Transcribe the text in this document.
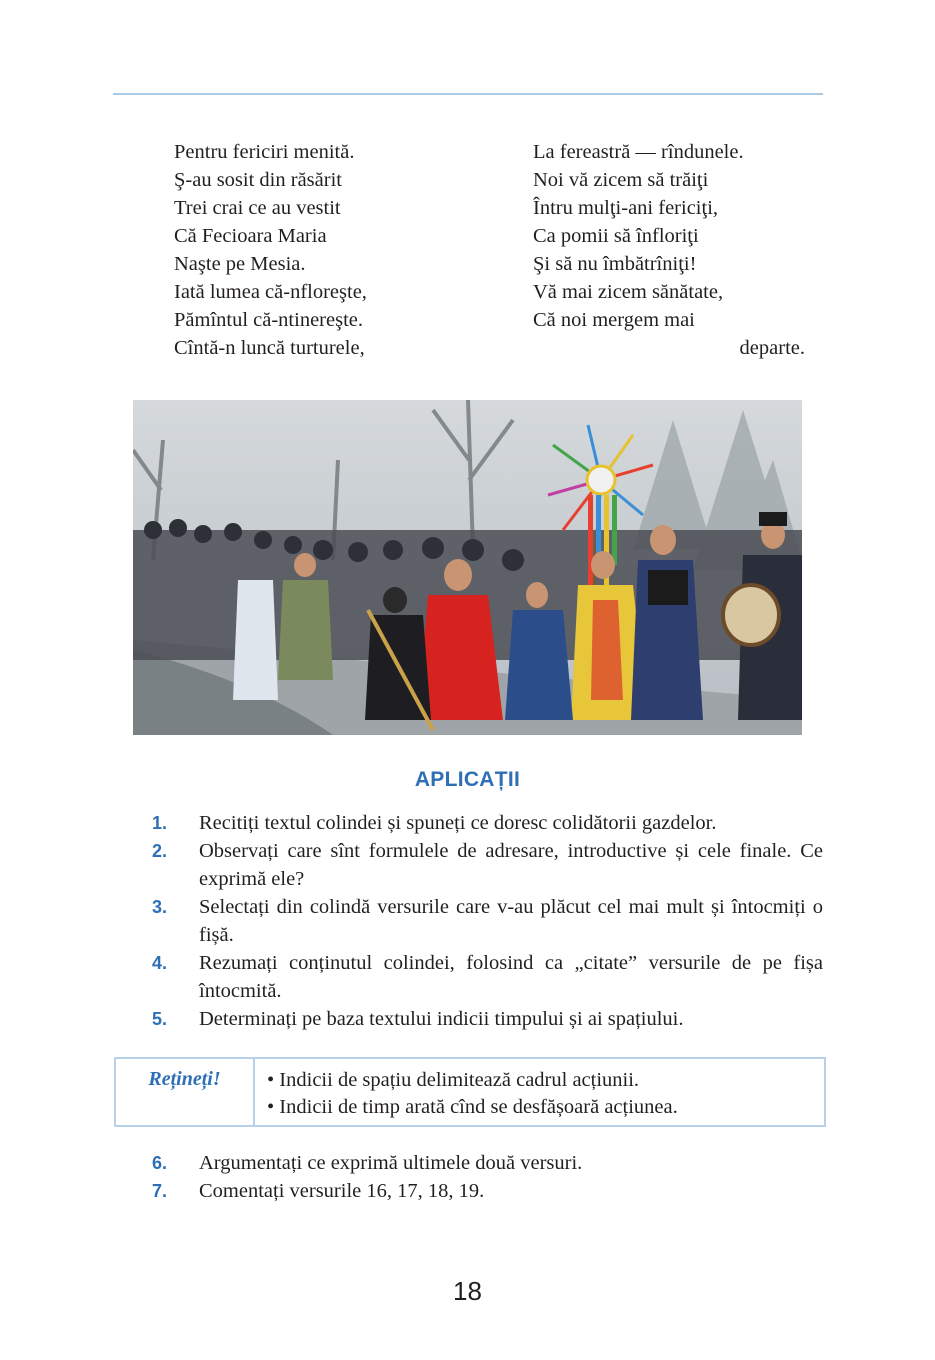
Pentru fericiri menită.
Ş-au sosit din răsărit
Trei crai ce au vestit
Că Fecioara Maria
Naşte pe Mesia.
Iată lumea că-nfloreşte,
Pămîntul că-ntinereşte.
Cîntă-n luncă turturele,
La fereastră — rîndunele.
Noi vă zicem să trăiţi
Întru mulţi-ani fericiţi,
Ca pomii să înfloriţi
Şi să nu îmbătrîniţi!
Vă mai zicem sănătate,
Că noi mergem mai
departe.
APLICAȚII
1. Recitiți textul colindei și spuneți ce doresc colidătorii gazdelor.
2. Observați care sînt formulele de adresare, introductive și cele finale. Ce exprimă ele?
3. Selectați din colindă versurile care v-au plăcut cel mai mult și întocmiți o fișă.
4. Rezumați conținutul colindei, folosind ca „citate” versurile de pe fișa întocmită.
5. Determinați pe baza textului indicii timpului și ai spațiului.
Rețineți!	• Indicii de spațiu delimitează cadrul acțiunii.
• Indicii de timp arată cînd se desfășoară acțiunea.
6. Argumentați ce exprimă ultimele două versuri.
7. Comentați versurile 16, 17, 18, 19.
18
